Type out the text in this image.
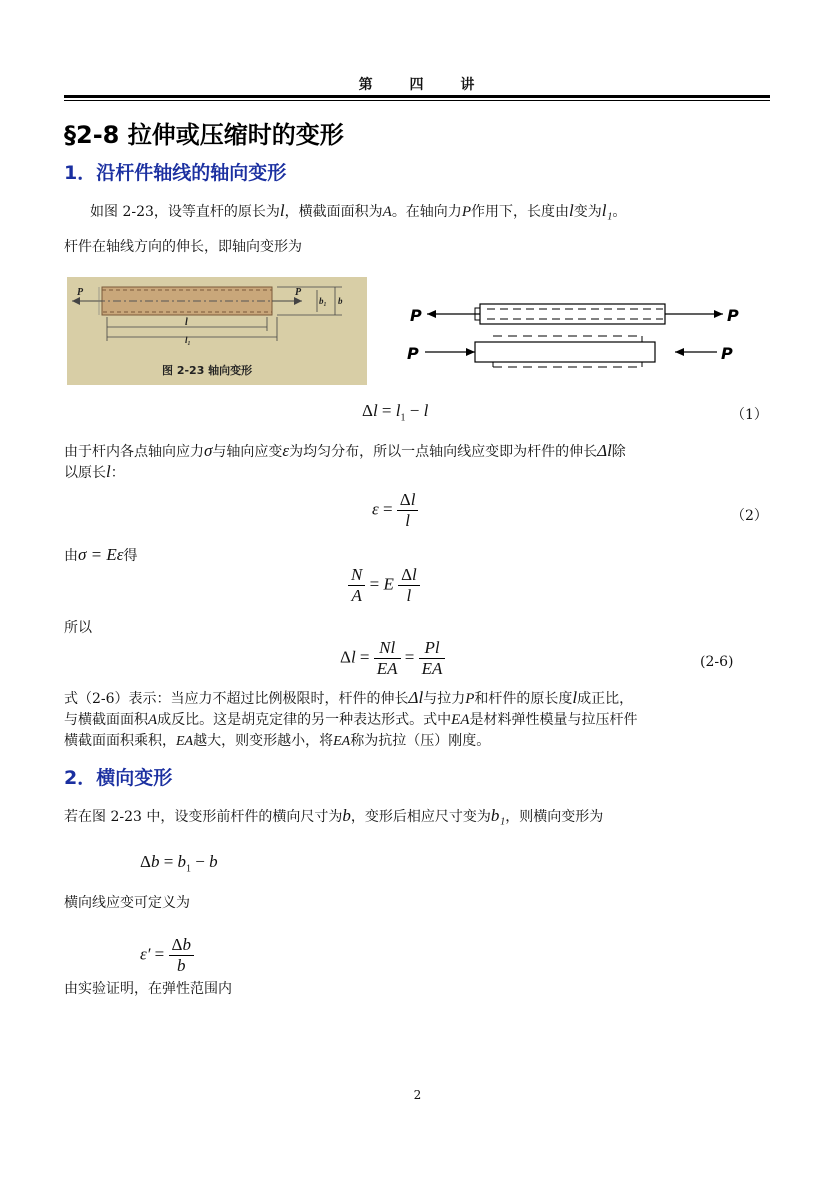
第 四 讲
§2-8 拉伸或压缩时的变形
1．沿杆件轴线的轴向变形
如图 2-23，设等直杆的原长为l，横截面面积为A。在轴向力P作用下，长度由l变为l₁。
杆件在轴线方向的伸长，即轴向变形为
P	P
b₁ b
l
l₁
图 2-23 轴向变形
P	P
P	P
$\Delta l = l_1 - l$	（1）
由于杆内各点轴向应力σ与轴向应变ε为均匀分布，所以一点轴向线应变即为杆件的伸长Δl除
以原长l：
$\varepsilon = \frac{\Delta l}{l}$	（2）
由σ = Eε得
$\frac{N}{A} = E \frac{\Delta l}{l}$
所以
$\Delta l = \frac{Nl}{EA} = \frac{Pl}{EA}$	(2-6)
式（2-6）表示：当应力不超过比例极限时，杆件的伸长Δl与拉力P和杆件的原长度l成正比，
与横截面面积A成反比。这是胡克定律的另一种表达形式。式中EA是材料弹性模量与拉压杆件
横截面面积乘积，EA越大，则变形越小，将EA称为抗拉（压）刚度。
2．横向变形
若在图 2-23 中，设变形前杆件的横向尺寸为b，变形后相应尺寸变为b₁，则横向变形为
$\Delta b = b_1 - b$
横向线应变可定义为
$\varepsilon' = \frac{\Delta b}{b}$
由实验证明，在弹性范围内
2
